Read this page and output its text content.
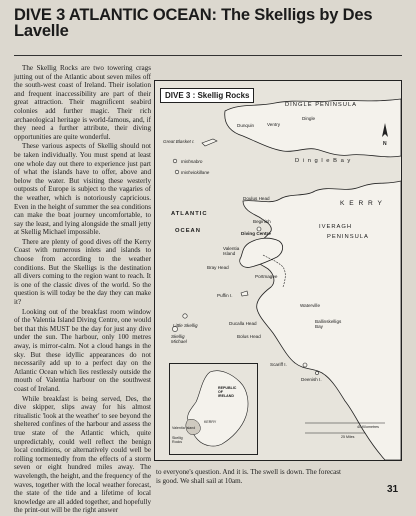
DIVE 3 ATLANTIC OCEAN: The Skelligs by Des Lavelle

The Skellig Rocks are two towering crags jutting out of the Atlantic about seven miles off the south-west coast of Ireland. Their isolation and frequent inaccessibility are part of their great attraction. Their magnificent seabird colonies add further magic. Their rich archaeological heritage is world-famous, and, if they need a further attribute, their diving opportunities are quite wonderful.

These various aspects of Skellig should not be taken individually. You must spend at least one whole day out there to experience just part of what the islands have to offer, above and below the water. But visiting these westerly outposts of Europe is subject to the vagaries of the weather, which is notoriously capricious. Even in the height of summer the sea conditions can make the boat journey uncomfortable, to say the least, and lying alongside the small jetty at Skellig Michael impossible.

There are plenty of good dives off the Kerry Coast with numerous inlets and islands to choose from according to the weather conditions. But the Skelligs is the destination all divers coming to the region want to reach. It is one of the classic dives of the world. So the question is will today be the day they can make it?

Looking out of the breakfast room window of the Valentia Island Diving Centre, one would bet that this MUST be the day for just any dive under the sun. The harbour, only 100 metres away, is mirror-calm. Not a cloud hangs in the sky. But these idyllic appearances do not necessarily add up to a perfect day on the Atlantic Ocean which lies restlessly outside the mouth of Valentia harbour on the southwest coast of Ireland.

While breakfast is being served, Des, the dive skipper, slips away for his almost ritualistic 'look at the weather' to see beyond the sheltered confines of the harbour and assess the true state of the Atlantic which, quite unpredictably, could well reflect the benign local conditions, or alternatively could well be rolling tormentedly from the effects of a storm seven or eight hundred miles away. The wavelength, the height, and the frequency of the waves, together with the local weather forecast, the state of the tide and a lifetime of local knowledge are all added together, and hopefully the print-out will be the right answer

DIVE 3 : Skellig Rocks
DINGLE PENINSULA
Dunquin	Ventry
Dingle
Great Blasket I.	N
D i n g l e B a y
Inishnabro
Inishvickillane
ATLANTIC
OCEAN
Doulus Head
Beginish
Diving Centre
Valentia
Island
K E R R Y
IVERAGH
PENINSULA
Bray Head
Portmagee
Puffin I.
Little Skellig
Skellig
Michael
Ducalla Head
Bolus Head
Waterville
Ballinskelligs
Bay
Scariff I.
Deenish I.
REPUBLIC
OF
IRELAND
KERRY
Valentia Island
Skellig
Rocks
40 Kilometres
25 Miles

to everyone's question. And it is. The swell is down. The forecast is good. We shall sail at 10am.

31
